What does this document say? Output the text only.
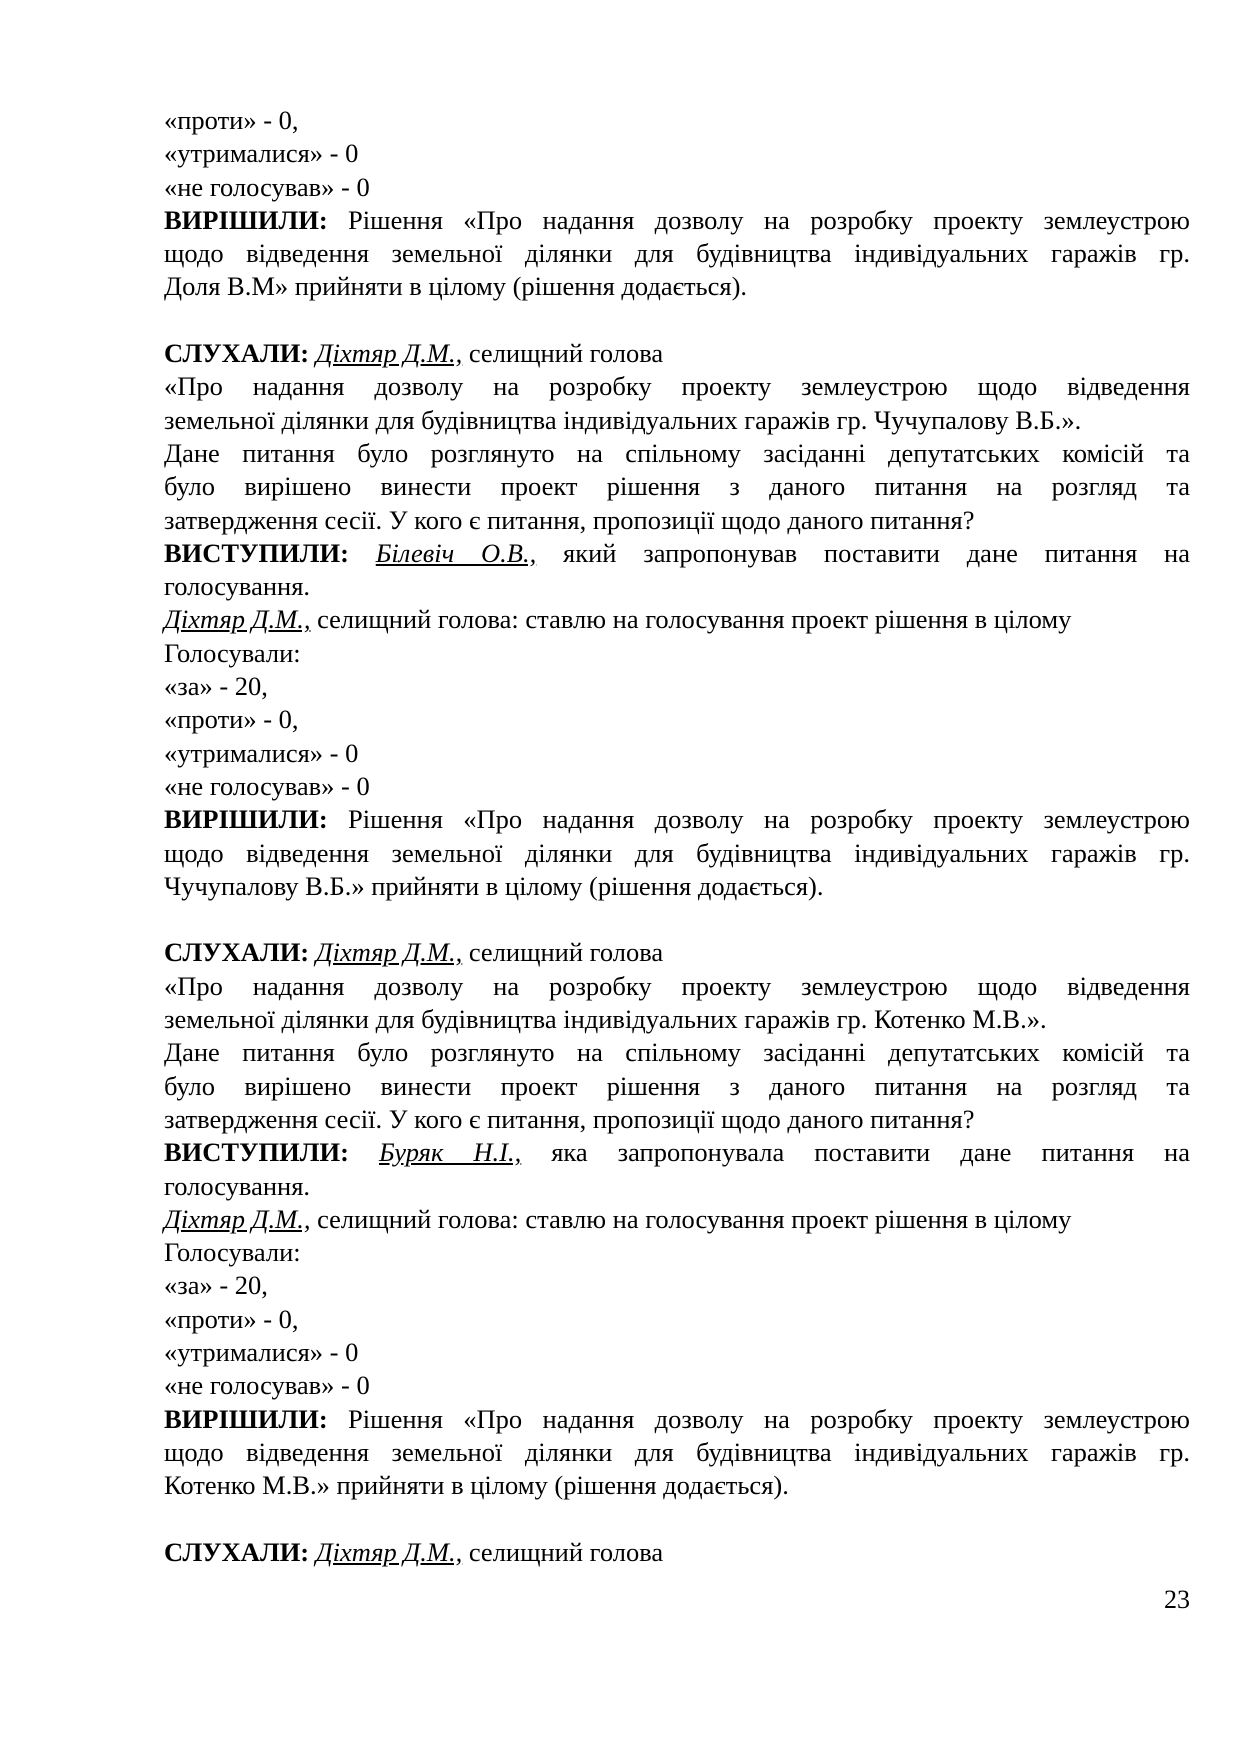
«проти» - 0,
«утрималися» - 0
«не голосував» - 0
ВИРІШИЛИ: Рішення «Про надання дозволу на розробку проекту землеустрою
щодо відведення земельної ділянки для будівництва індивідуальних гаражів гр.
Доля В.М» прийняти в цілому (рішення додається).
СЛУХАЛИ: Діхтяр Д.М., селищний голова
«Про надання дозволу на розробку проекту землеустрою щодо відведення
земельної ділянки для будівництва індивідуальних гаражів гр. Чучупалову В.Б.».
Дане питання було розглянуто на спільному засіданні депутатських комісій та
було вирішено винести проект рішення з даного питання на розгляд та
затвердження сесії. У кого є питання, пропозиції щодо даного питання?
ВИСТУПИЛИ: Білевіч О.В., який запропонував поставити дане питання на
голосування.
Діхтяр Д.М., селищний голова: ставлю на голосування проект рішення в цілому
Голосували:
«за» - 20,
«проти» - 0,
«утрималися» - 0
«не голосував» - 0
ВИРІШИЛИ: Рішення «Про надання дозволу на розробку проекту землеустрою
щодо відведення земельної ділянки для будівництва індивідуальних гаражів гр.
Чучупалову В.Б.» прийняти в цілому (рішення додається).
СЛУХАЛИ: Діхтяр Д.М., селищний голова
«Про надання дозволу на розробку проекту землеустрою щодо відведення
земельної ділянки для будівництва індивідуальних гаражів гр. Котенко М.В.».
Дане питання було розглянуто на спільному засіданні депутатських комісій та
було вирішено винести проект рішення з даного питання на розгляд та
затвердження сесії. У кого є питання, пропозиції щодо даного питання?
ВИСТУПИЛИ: Буряк Н.І., яка запропонувала поставити дане питання на
голосування.
Діхтяр Д.М., селищний голова: ставлю на голосування проект рішення в цілому
Голосували:
«за» - 20,
«проти» - 0,
«утрималися» - 0
«не голосував» - 0
ВИРІШИЛИ: Рішення «Про надання дозволу на розробку проекту землеустрою
щодо відведення земельної ділянки для будівництва індивідуальних гаражів гр.
Котенко М.В.» прийняти в цілому (рішення додається).
СЛУХАЛИ: Діхтяр Д.М., селищний голова
23
